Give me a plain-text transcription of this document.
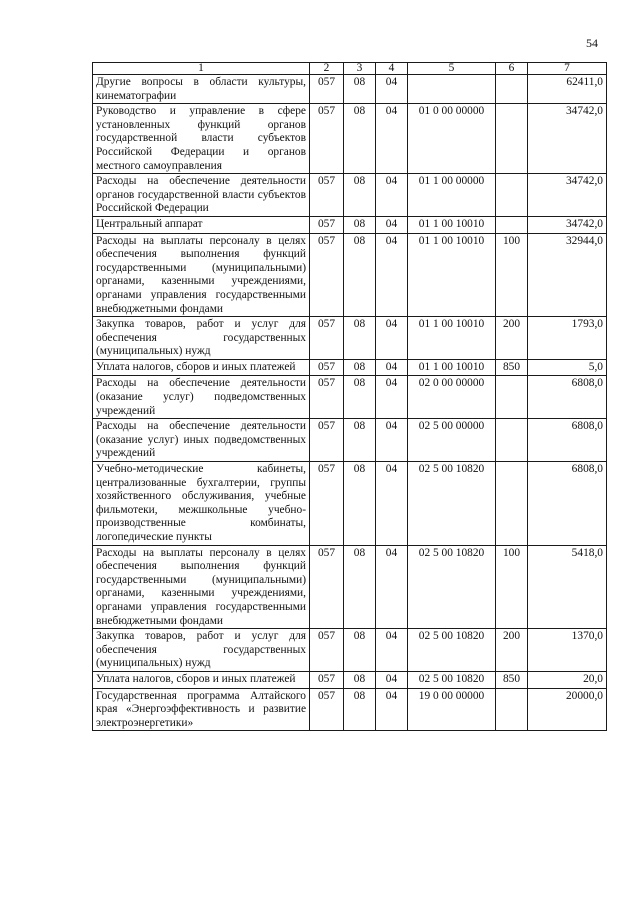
54
1	2	3	4	5	6	7
Другие вопросы в области культуры, кинематографии	057	08	04			62411,0
Руководство и управление в сфере установленных функций органов государственной власти субъектов Российской Федерации и органов местного самоуправления	057	08	04	01 0 00 00000		34742,0
Расходы на обеспечение деятельности органов государственной власти субъектов Российской Федерации	057	08	04	01 1 00 00000		34742,0
Центральный аппарат	057	08	04	01 1 00 10010		34742,0
Расходы на выплаты персоналу в целях обеспечения выполнения функций государственными (муниципальными) органами, казенными учреждениями, органами управления государственными внебюджетными фондами	057	08	04	01 1 00 10010	100	32944,0
Закупка товаров, работ и услуг для обеспечения государственных (муниципальных) нужд	057	08	04	01 1 00 10010	200	1793,0
Уплата налогов, сборов и иных платежей	057	08	04	01 1 00 10010	850	5,0
Расходы на обеспечение деятельности (оказание услуг) подведомственных учреждений	057	08	04	02 0 00 00000		6808,0
Расходы на обеспечение деятельности (оказание услуг) иных подведомственных учреждений	057	08	04	02 5 00 00000		6808,0
Учебно-методические кабинеты, централизованные бухгалтерии, группы хозяйственного обслуживания, учебные фильмотеки, межшкольные учебно-производственные комбинаты, логопедические пункты	057	08	04	02 5 00 10820		6808,0
Расходы на выплаты персоналу в целях обеспечения выполнения функций государственными (муниципальными) органами, казенными учреждениями, органами управления государственными внебюджетными фондами	057	08	04	02 5 00 10820	100	5418,0
Закупка товаров, работ и услуг для обеспечения государственных (муниципальных) нужд	057	08	04	02 5 00 10820	200	1370,0
Уплата налогов, сборов и иных платежей	057	08	04	02 5 00 10820	850	20,0
Государственная программа Алтайского края «Энергоэффективность и развитие электроэнергетики»	057	08	04	19 0 00 00000		20000,0
